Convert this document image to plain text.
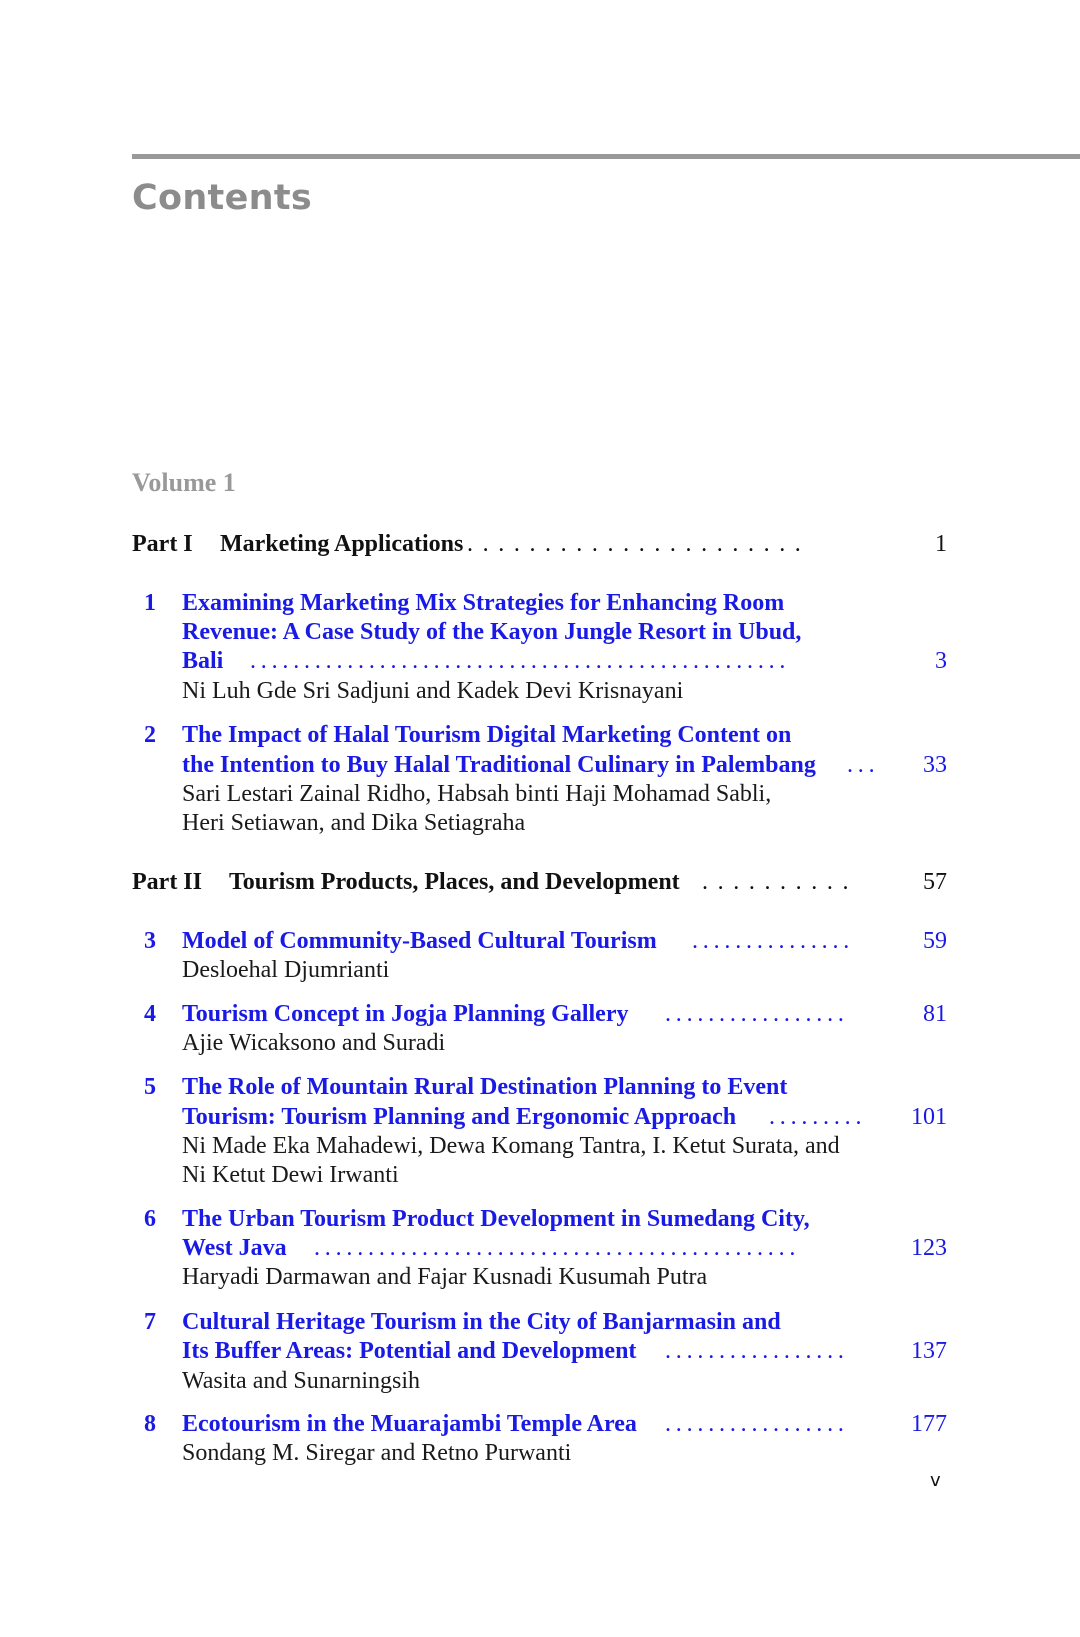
Contents
Volume 1
Part I Marketing Applications .  .  .  .  .  .  .  .  .  .  .  .  .  .  .  .  .  .  .  .  .  .	1
1	Examining Marketing Mix Strategies for Enhancing Room
Revenue: A Case Study of the Kayon Jungle Resort in Ubud,
Bali . . . . . . . . . . . . . . . . . . . . . . . . . . . . . . . . . . . . . . . . . . . . . . . . . .	3
Ni Luh Gde Sri Sadjuni and Kadek Devi Krisnayani
2	The Impact of Halal Tourism Digital Marketing Content on
the Intention to Buy Halal Traditional Culinary in Palembang . . .	33
Sari Lestari Zainal Ridho, Habsah binti Haji Mohamad Sabli,
Heri Setiawan, and Dika Setiagraha
Part II Tourism Products, Places, and Development .  .  .  .  .  .  .  .  .  .	57
3	Model of Community-Based Cultural Tourism . . . . . . . . . . . . . . .	59
Desloehal Djumrianti
4	Tourism Concept in Jogja Planning Gallery . . . . . . . . . . . . . . . . .	81
Ajie Wicaksono and Suradi
5	The Role of Mountain Rural Destination Planning to Event
Tourism: Tourism Planning and Ergonomic Approach . . . . . . . . .	101
Ni Made Eka Mahadewi, Dewa Komang Tantra, I. Ketut Surata, and
Ni Ketut Dewi Irwanti
6	The Urban Tourism Product Development in Sumedang City,
West Java . . . . . . . . . . . . . . . . . . . . . . . . . . . . . . . . . . . . . . . . . . . . .	123
Haryadi Darmawan and Fajar Kusnadi Kusumah Putra
7	Cultural Heritage Tourism in the City of Banjarmasin and
Its Buffer Areas: Potential and Development . . . . . . . . . . . . . . . . .	137
Wasita and Sunarningsih
8	Ecotourism in the Muarajambi Temple Area . . . . . . . . . . . . . . . . .	177
Sondang M. Siregar and Retno Purwanti
v
